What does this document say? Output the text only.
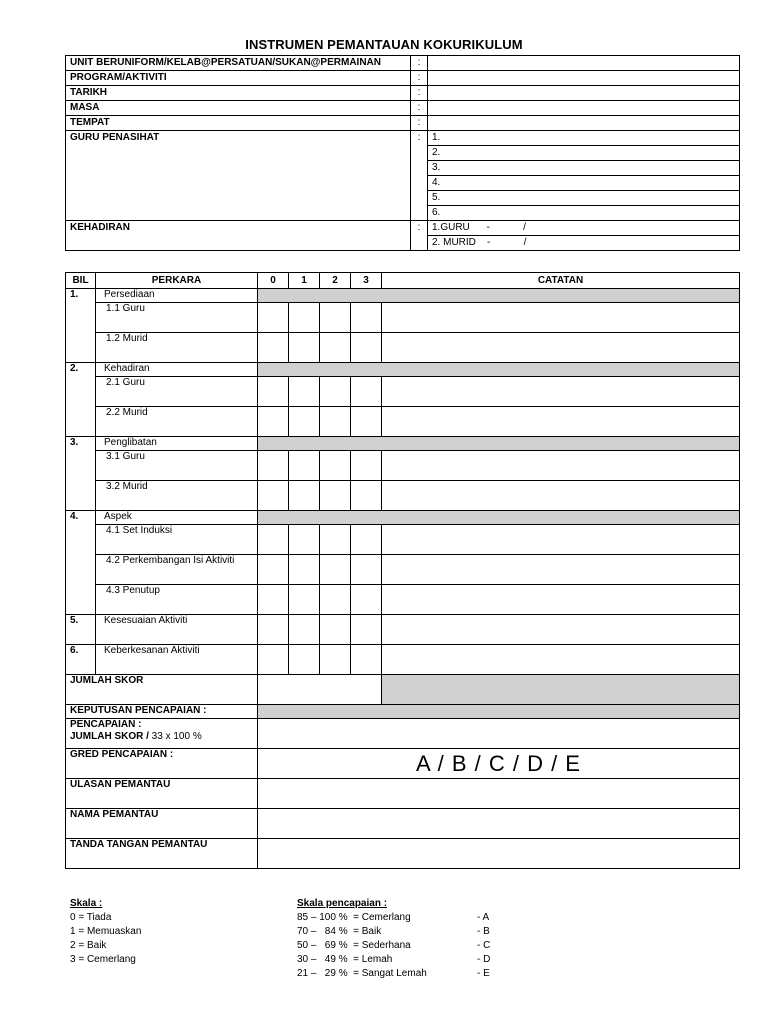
INSTRUMEN PEMANTAUAN KOKURIKULUM
UNIT BERUNIFORM/KELAB@PERSATUAN/SUKAN@PERMAINAN	:	
PROGRAM/AKTIVITI	:	
TARIKH	:	
MASA	:	
TEMPAT	:	
GURU PENASIHAT	:	1.
		2.
		3.
		4.
		5.
		6.
KEHADIRAN	:	1.GURU      -            /
		2. MURID    -            /
BIL	PERKARA	0	1	2	3	CATATAN
1.	Persediaan					
	1.1 Guru					
	1.2 Murid					
2.	Kehadiran					
	2.1 Guru					
	2.2 Murid					
3.	Penglibatan					
	3.1 Guru					
	3.2 Murid					
4.	Aspek					
	4.1 Set Induksi					
	4.2 Perkembangan Isi Aktiviti					
	4.3 Penutup					
5.	Kesesuaian Aktiviti					
6.	Keberkesanan Aktiviti					
JUMLAH SKOR						
KEPUTUSAN PENCAPAIAN :						

PENCAPAIAN :
JUMLAH SKOR / 33 x 100 %						

GRED PENCAPAIAN :		A / B / C / D / E				
ULASAN PEMANTAU						
NAMA PEMANTAU						
TANDA TANGAN PEMANTAU						
Skala :
0 = Tiada
1 = Memuaskan
2 = Baik
3 = Cemerlang
Skala pencapaian :
85 – 100 %  = Cemerlang	- A
70 –   84 %  = Baik	- B
50 –   69 %  = Sederhana	- C
30 –   49 %  = Lemah	- D
21 –   29 %  = Sangat Lemah	- E
